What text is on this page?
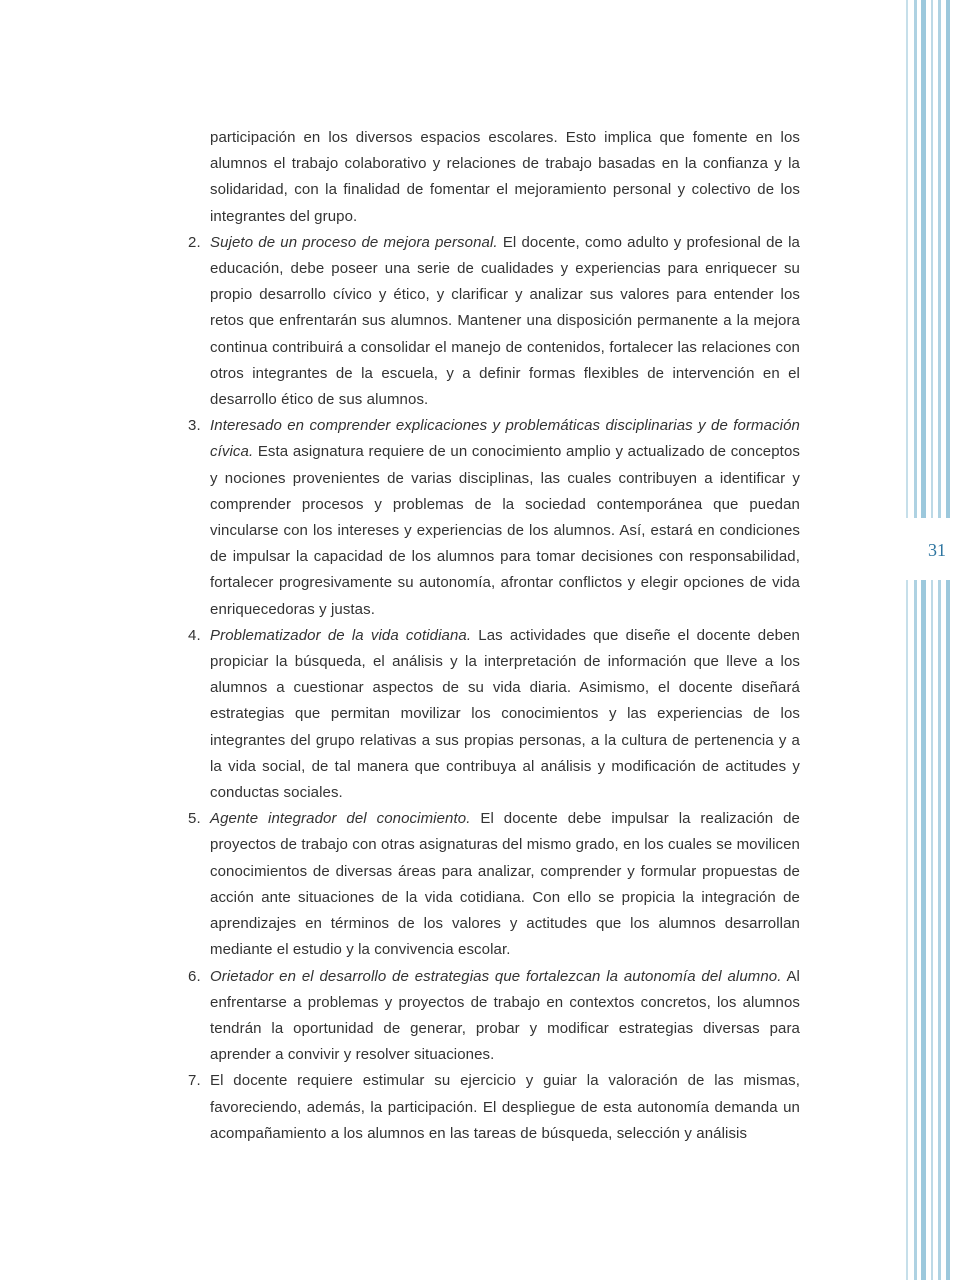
participación en los diversos espacios escolares. Esto implica que fomente en los alumnos el trabajo colaborativo y relaciones de trabajo basadas en la confianza y la solidaridad, con la finalidad de fomentar el mejoramiento personal y colectivo de los integrantes del grupo.

2. Sujeto de un proceso de mejora personal. El docente, como adulto y profesional de la educación, debe poseer una serie de cualidades y experiencias para enriquecer su propio desarrollo cívico y ético, y clarificar y analizar sus valores para entender los retos que enfrentarán sus alumnos. Mantener una disposición permanente a la mejora continua contribuirá a consolidar el manejo de contenidos, fortalecer las relaciones con otros integrantes de la escuela, y a definir formas flexibles de intervención en el desarrollo ético de sus alumnos.
3. Interesado en comprender explicaciones y problemáticas disciplinarias y de formación cívica. Esta asignatura requiere de un conocimiento amplio y actualizado de conceptos y nociones provenientes de varias disciplinas, las cuales contribuyen a identificar y comprender procesos y problemas de la sociedad contemporánea que puedan vincularse con los intereses y experiencias de los alumnos. Así, estará en condiciones de impulsar la capacidad de los alumnos para tomar decisiones con responsabilidad, fortalecer progresivamente su autonomía, afrontar conflictos y elegir opciones de vida enriquecedoras y justas.
4. Problematizador de la vida cotidiana. Las actividades que diseñe el docente deben propiciar la búsqueda, el análisis y la interpretación de información que lleve a los alumnos a cuestionar aspectos de su vida diaria. Asimismo, el docente diseñará estrategias que permitan movilizar los conocimientos y las experiencias de los integrantes del grupo relativas a sus propias personas, a la cultura de pertenencia y a la vida social, de tal manera que contribuya al análisis y modificación de actitudes y conductas sociales.
5. Agente integrador del conocimiento. El docente debe impulsar la realización de proyectos de trabajo con otras asignaturas del mismo grado, en los cuales se movilicen conocimientos de diversas áreas para analizar, comprender y formular propuestas de acción ante situaciones de la vida cotidiana. Con ello se propicia la integración de aprendizajes en términos de los valores y actitudes que los alumnos desarrollan mediante el estudio y la convivencia escolar.
6. Orietador en el desarrollo de estrategias que fortalezcan la autonomía del alumno. Al enfrentarse a problemas y proyectos de trabajo en contextos concretos, los alumnos tendrán la oportunidad de generar, probar y modificar estrategias diversas para aprender a convivir y resolver situaciones.
7. El docente requiere estimular su ejercicio y guiar la valoración de las mismas, favoreciendo, además, la participación. El despliegue de esta autonomía demanda un acompañamiento a los alumnos en las tareas de búsqueda, selección y análisis
31
